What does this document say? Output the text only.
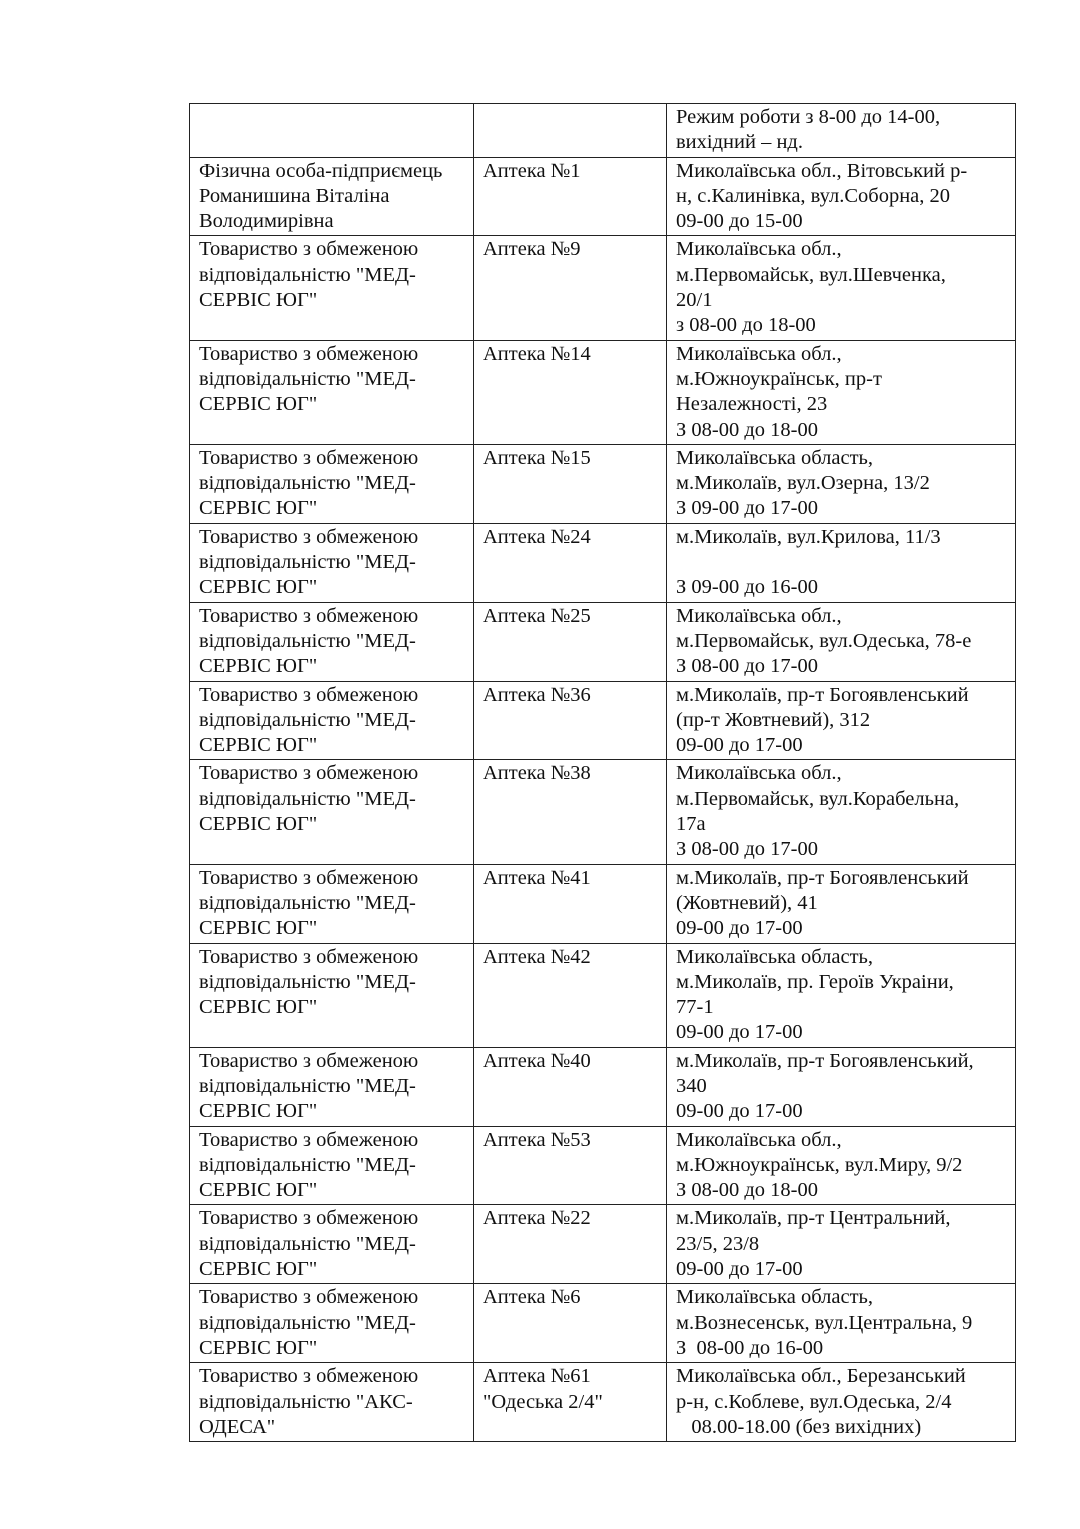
		Режим роботи з 8-00 до 14-00,
вихідний – нд.

Фізична особа-підприємець
Романишина Віталіна
Володимирівна	Аптека №1	Миколаївська обл., Вітовський р-
н, с.Калинівка, вул.Соборна, 20
09-00 до 15-00

Товариство з обмеженою
відповідальністю "МЕД-
СЕРВІС ЮГ"	Аптека №9	Миколаївська обл.,
м.Первомайськ, вул.Шевченка,
20/1
з 08-00 до 18-00

Товариство з обмеженою
відповідальністю "МЕД-
СЕРВІС ЮГ"	Аптека №14	Миколаївська обл.,
м.Южноукраїнськ, пр-т
Незалежності, 23
З 08-00 до 18-00

Товариство з обмеженою
відповідальністю "МЕД-
СЕРВІС ЮГ"	Аптека №15	Миколаївська область,
м.Миколаїв, вул.Озерна, 13/2
З 09-00 до 17-00

Товариство з обмеженою
відповідальністю "МЕД-
СЕРВІС ЮГ"	Аптека №24	м.Миколаїв, вул.Крилова, 11/3

З 09-00 до 16-00

Товариство з обмеженою
відповідальністю "МЕД-
СЕРВІС ЮГ"	Аптека №25	Миколаївська обл.,
м.Первомайськ, вул.Одеська, 78-е
З 08-00 до 17-00

Товариство з обмеженою
відповідальністю "МЕД-
СЕРВІС ЮГ"	Аптека №36	м.Миколаїв, пр-т Богоявленський
(пр-т Жовтневий), 312
09-00 до 17-00

Товариство з обмеженою
відповідальністю "МЕД-
СЕРВІС ЮГ"	Аптека №38	Миколаївська обл.,
м.Первомайськ, вул.Корабельна,
17а
З 08-00 до 17-00

Товариство з обмеженою
відповідальністю "МЕД-
СЕРВІС ЮГ"	Аптека №41	м.Миколаїв, пр-т Богоявленський
(Жовтневий), 41
09-00 до 17-00

Товариство з обмеженою
відповідальністю "МЕД-
СЕРВІС ЮГ"	Аптека №42	Миколаївська область,
м.Миколаїв, пр. Героїв Украіни,
77-1
09-00 до 17-00

Товариство з обмеженою
відповідальністю "МЕД-
СЕРВІС ЮГ"	Аптека №40	м.Миколаїв, пр-т Богоявленський,
340
09-00 до 17-00

Товариство з обмеженою
відповідальністю "МЕД-
СЕРВІС ЮГ"	Аптека №53	Миколаївська обл.,
м.Южноукраїнськ, вул.Миру, 9/2
З 08-00 до 18-00

Товариство з обмеженою
відповідальністю "МЕД-
СЕРВІС ЮГ"	Аптека №22	м.Миколаїв, пр-т Центральний,
23/5, 23/8
09-00 до 17-00

Товариство з обмеженою
відповідальністю "МЕД-
СЕРВІС ЮГ"	Аптека №6	Миколаївська область,
м.Вознесенськ, вул.Центральна, 9
З  08-00 до 16-00

Товариство з обмеженою
відповідальністю "АКС-
ОДЕСА"	Аптека №61
"Одеська 2/4"	Миколаївська обл., Березанський
р-н, с.Коблеве, вул.Одеська, 2/4
08.00-18.00 (без вихідних)
